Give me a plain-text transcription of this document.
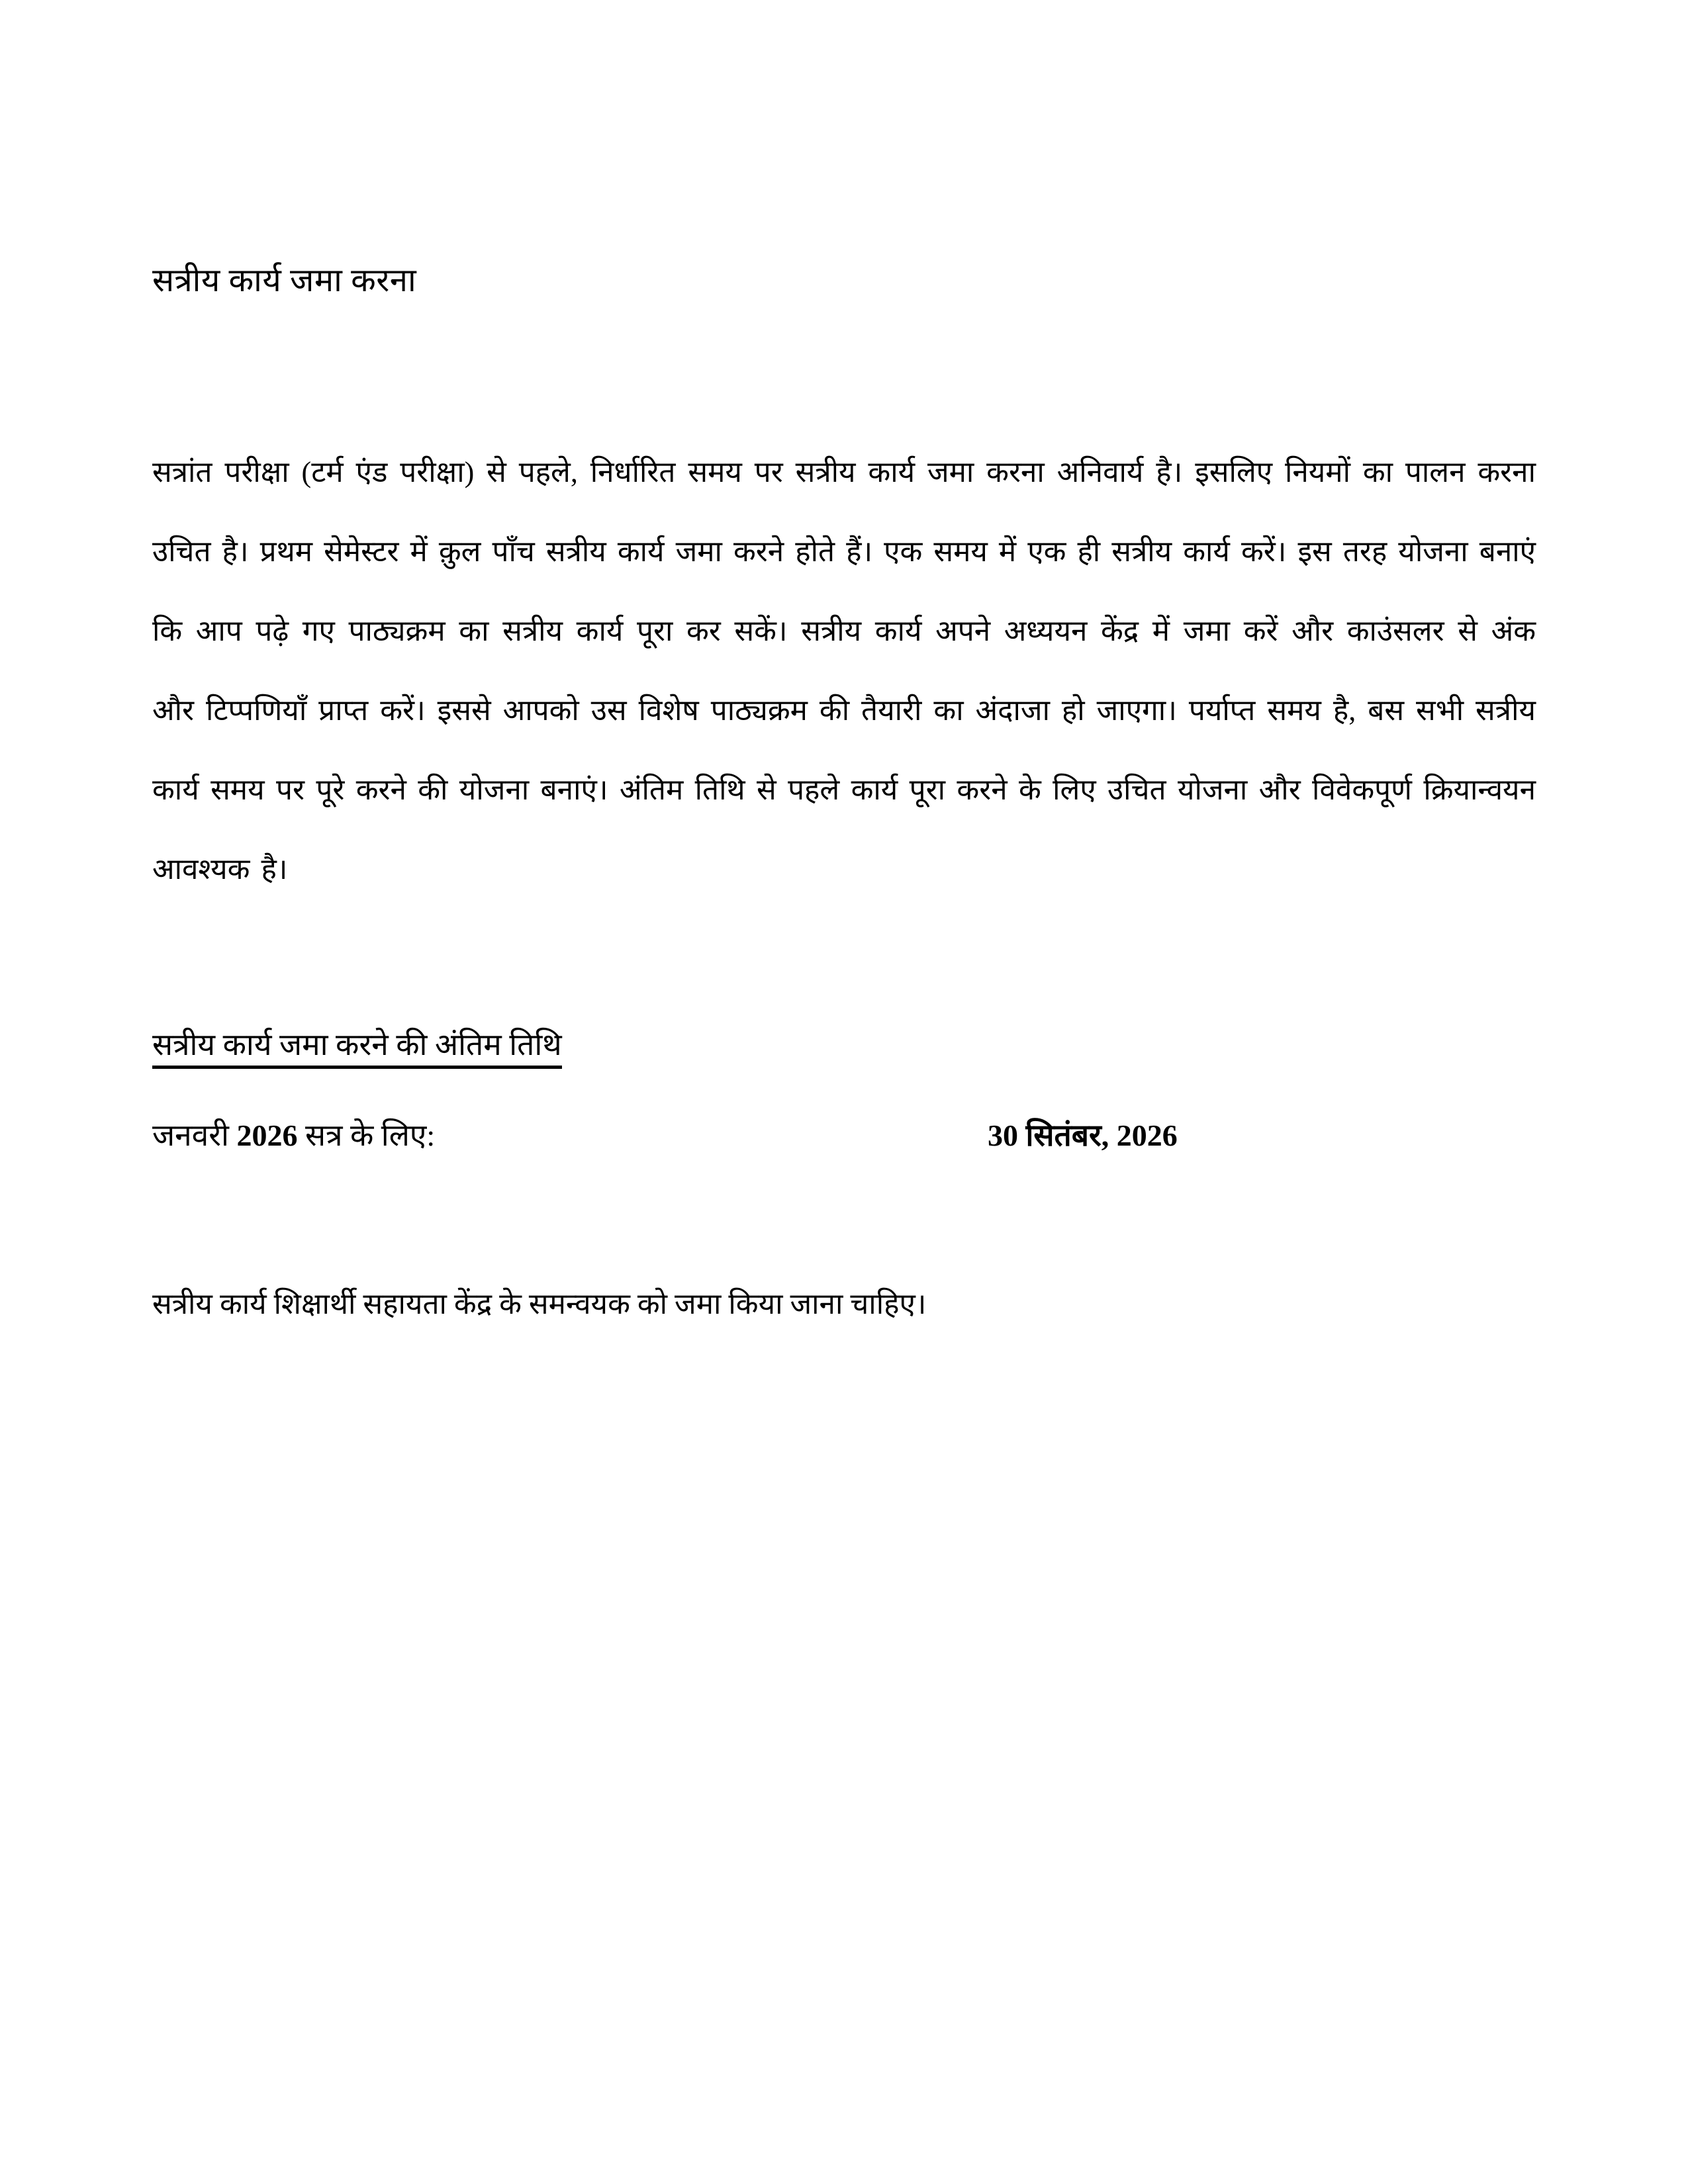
सत्रीय कार्य जमा करना

सत्रांत परीक्षा (टर्म एंड परीक्षा) से पहले, निर्धारित समय पर सत्रीय कार्य जमा करना अनिवार्य है। इसलिए नियमों का पालन करना उचित है। प्रथम सेमेस्टर में क़ुल पाँच सत्रीय कार्य जमा करने होते हैं। एक समय में एक ही सत्रीय कार्य करें। इस तरह योजना बनाएं कि आप पढ़े गए पाठ्यक्रम का सत्रीय कार्य पूरा कर सकें। सत्रीय कार्य अपने अध्ययन केंद्र में जमा करें और काउंसलर से अंक और टिप्पणियाँ प्राप्त करें। इससे आपको उस विशेष पाठ्यक्रम की तैयारी का अंदाजा हो जाएगा। पर्याप्त समय है, बस सभी सत्रीय कार्य समय पर पूरे करने की योजना बनाएं। अंतिम तिथि से पहले कार्य पूरा करने के लिए उचित योजना और विवेकपूर्ण क्रियान्वयन आवश्यक है।

सत्रीय कार्य जमा करने की अंतिम तिथि
जनवरी 2026 सत्र के लिए:	30 सितंबर, 2026

सत्रीय कार्य शिक्षार्थी सहायता केंद्र के समन्वयक को जमा किया जाना चाहिए।
